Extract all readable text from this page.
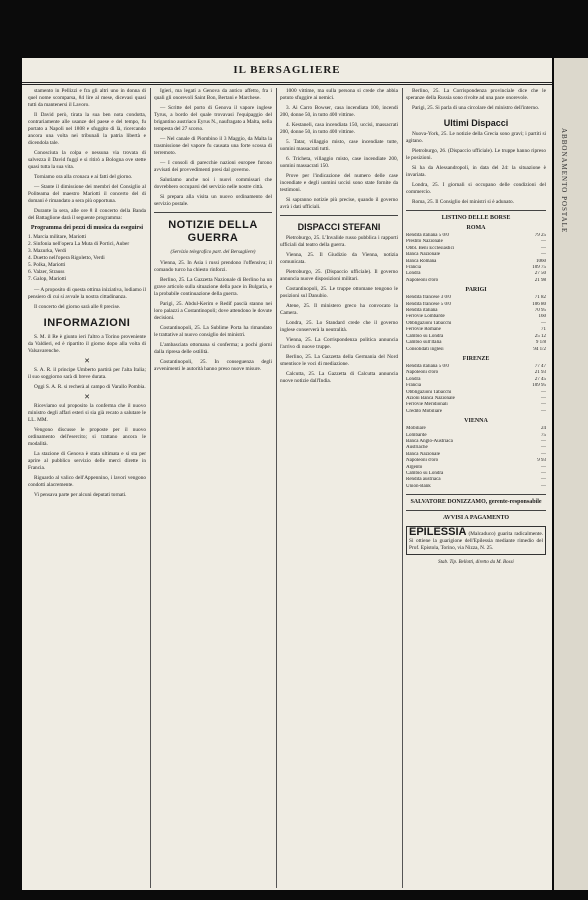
IL BERSAGLIERE

stamento in Pellizzi e fra gli altri uno in donna di quel nome scomparsa, 84 lire al mese, dicevasi quasi tutti da mantenersi il Lavoro.

Il David però, tirata la sua ben nota condotta, contrariamente alle usanze del paese e del tempo, fu portato a Napoli nel 1808 e sfuggito di là, ricercando ancora una volta nei tribunali la patria libertà e dicendola tale.

Conosciuta la colpa e nessuna via trovata di salvezza il David fuggì e si ritirò a Bologna ove stette quasi tutta la sua vita.

Torniamo ora alla cronaca e ai fatti del giorno.

— Stante il dimissione dei membri del Consiglio al Politeama del maestro Mariotti il concerto del di domani è rimandato a sera più opportuna.

Durante la sera, alle ore 8 il concerto della Banda del Battaglione darà il seguente programma:

Programma dei pezzi di musica da eseguirsi
1. Marcia militare, Mariotti
2. Sinfonia nell'opera La Muta di Portici, Auber
3. Mazurka, Verdi
4. Duetto nell'opera Rigoletto, Verdi
5. Polka, Mariotti
6. Valzer, Strauss
7. Galop, Mariotti

— A proposito di questa ottima iniziativa, lodiamo il pensiero di cui si avvale la nostra cittadinanza.

Il concerto del giorno sarà alle 8 precise.

INFORMAZIONI

S. M. il Re è giunto ieri l'altro a Torino proveniente da Valdieri, ed è ripartito il giorno dopo alla volta di Valsavarenche.

✕

S. A. R. il principe Umberto partirà per l'alta Italia; il suo soggiorno sarà di breve durata.

Oggi S. A. R. si recherà al campo di Varallo Pombia.

✕

Riceviamo sul proposito la conferma che il nuovo ministro degli affari esteri si sia già recato a salutare le LL. MM.

Vengono discusse le proposte per il nuovo ordinamento dell'esercito; si trattano ancora le modalità.

La stazione di Genova è stata ultimata e si sta per aprire al pubblico servizio delle merci dirette in Francia.

Riguardo al valico dell'Appennino, i lavori vengono condotti alacremente.

Vi pensava parte per alcuni deputati tornati.

Igieri, ma legati a Genova da antico affetto, fra i quali gli onorevoli Saint Bon, Bertani e Marchese.

— Scritte del porto di Genova il vapore inglese Tyrus, a bordo del quale trovavasi l'equipaggio del brigantino austriaco Eyrus N., naufragato a Malta, nella tempesta del 27 scorso.

— Nel canale di Piombino il 3 Maggio, da Malta la trasmissione del vapore fu causata una forte scossa di terremoto.

— I consoli di parecchie nazioni europee furono avvisati dei provvedimenti presi dal governo.

Salutiamo anche noi i nuovi commissari che dovrebbero occuparsi del servizio nelle nostre città.

Si prepara alla visita un nuovo ordinamento del servizio postale.

NOTIZIE DELLA GUERRA
(Servizio telegrafico part. del Bersagliere)

Vienna, 25. In Asia i russi prendono l'offensiva; il comando turco ha chiesto rinforzi.

Berlino, 25. La Gazzetta Nazionale di Berlino ha un grave articolo sulla situazione della pace in Bulgaria, e la probabile continuazione della guerra.

Parigi, 25. Abdul-Kerim e Redif pascià stanno nei loro palazzi a Costantinopoli; dove attendono le dovute decisioni.

Costantinopoli, 25. La Sublime Porta ha rimandato le trattative al nuovo consiglio dei ministri.

L'ambasciata ottomana si conferma; a pochi giorni dalla ripresa delle ostilità.

Costantinopoli, 25. In conseguenza degli avvenimenti le autorità hanno preso nuove misure.

1000 vittime, ma sulla persona si crede che abbia potuto sfuggire ai nemici.

3. Ai Carro Bowser, casa incendiata 100, incendi 200, donne 50, in tutto 400 vittime.

4. Kestaneli, casa incendiata 150, uccisi, massacrati 200, donne 50, in tutto 400 vittime.

5. Tatar, villaggio misto, case incendiate tutte, uomini massacrati tutti.

6. Tricheta, villaggio misto, case incendiate 200, uomini massacrati 150.

Prove per l'indicazione del numero delle case incendiate e degli uomini uccisi sono state fornite da testimoni.

Si sapranno notizie più precise, quando il governo avrà i dati ufficiali.

DISPACCI STEFANI

Pietroburgo, 25. L'Invalide russo pubblica i rapporti ufficiali dal teatro della guerra.

Vienna, 25. Il Giudizio da Vienna, notizia comunicata.

Pietroburgo, 25. (Dispaccio ufficiale). Il governo annuncia nuove disposizioni militari.

Costantinopoli, 25. Le truppe ottomane tengono le posizioni sul Danubio.

Atene, 25. Il ministero greco ha convocato la Camera.

Londra, 25. Lo Standard crede che il governo inglese conserverà la neutralità.

Vienna, 25. La Corrispondenza politica annuncia l'arrivo di nuove truppe.

Berlino, 25. La Gazzetta della Germania del Nord smentisce le voci di mediazione.

Calcutta, 25. La Gazzetta di Calcutta annuncia nuove notizie dall'India.

Berlino, 25. La Corrispondenza provinciale dice che le speranze della Russia sono rivolte ad una pace onorevole.

Parigi, 25. Si parla di una circolare del ministro dell'interno.

Ultimi Dispacci

Nuova-York, 25. Le notizie della Grecia sono gravi; i partiti si agitano.

Pietroburgo, 26. (Dispaccio ufficiale). Le truppe hanno ripreso le posizioni.

Si ha da Alessandropoli, in data del 24: la situazione è invariata.

Londra, 25. I giornali si occupano delle condizioni del commercio.

Roma, 25. Il Consiglio dei ministri si è adunato.

LISTINO DELLE BORSE
ROMA
Rendita italiana 5 0/0	79 25
Prestito Nazionale	—
Obbl. Beni Ecclesiastici	—
Banca Nazionale	—
Banca Romana	1060
Francia	109 75
Londra	27 50
Napoleoni d'oro	21 98
PARIGI
Rendita francese 3 0/0	71 82
Rendita francese 5 0/0	106 80
Rendita italiana	70 95
Ferrovie Lombarde	160
Obbligazioni Tabacchi	—
Ferrovie Romane	71
Cambio su Londra	25 12
Cambio sull'Italia	9 1/8
Consolidati inglesi	94 1/2
FIRENZE
Rendita italiana 5 0/0	77 47
Napoleoni d'oro	21 93
Londra	27 45
Francia	109 95
Obbligazioni Tabacchi	—
Azioni Banca Nazionale	—
Ferrovie Meridionali	—
Credito Mobiliare	—
VIENNA
Mobiliare	24
Lombarde	75
Banca Anglo-Austriaca	—
Austriache	—
Banca Nazionale	—
Napoleoni d'oro	9 93
Argento	—
Cambio su Londra	—
Rendita austriaca	—
Union-Bank	—
SALVATORE DONIZZAMO, gerente-responsabile
AVVISI A PAGAMENTO
EPILESSIA (Malcaduco) guarita radicalmente. Si ottiene la guarigione dell'Epilessia mediante rimedio del Prof. Epistola, Torino, via Nizza, N. 25.
Stab. Tip. Bellotti, diretto da M. Bossi
ABBONAMENTO POSTALE
